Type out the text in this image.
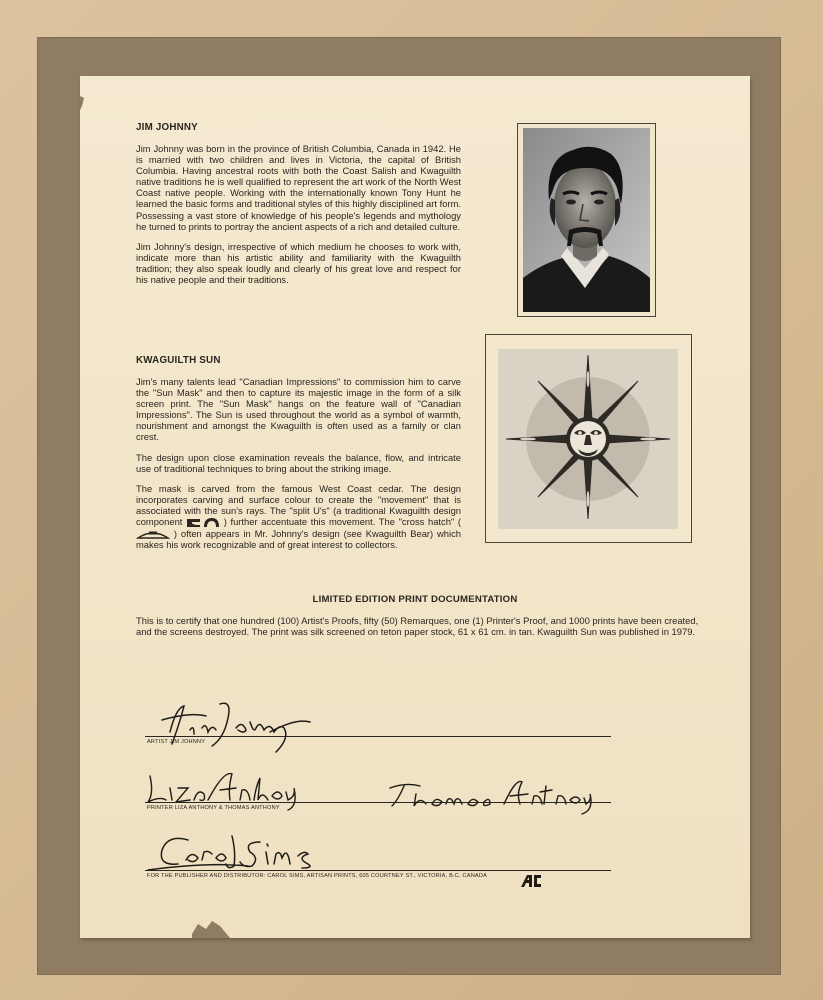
JIM JOHNNY

Jim Johnny was born in the province of British Columbia, Canada in 1942. He is married with two children and lives in Victoria, the capital of British Columbia. Having ancestral roots with both the Coast Salish and Kwaguilth native traditions he is well qualified to represent the art work of the North West Coast native people. Working with the internationally known Tony Hunt he learned the basic forms and traditional styles of this highly disciplined art form. Possessing a vast store of knowledge of his people's legends and mythology he turned to prints to portray the ancient aspects of a rich and detailed culture.

Jim Johnny's design, irrespective of which medium he chooses to work with, indicate more than his artistic ability and familiarity with the Kwaguilth tradition; they also speak loudly and clearly of his great love and respect for his native people and their traditions.

KWAGUILTH SUN

Jim's many talents lead "Canadian Impressions" to commission him to carve the "Sun Mask" and then to capture its majestic image in the form of a silk screen print. The "Sun Mask" hangs on the feature wall of "Canadian Impressions". The Sun is used throughout the world as a symbol of warmth, nourishment and amongst the Kwaguilth is often used as a family or clan crest.

The design upon close examination reveals the balance, flow, and intricate use of traditional techniques to bring about the striking image.

The mask is carved from the famous West Coast cedar. The design incorporates carving and surface colour to create the "movement" that is associated with the sun's rays. The "split U's" (a traditional Kwaguilth design component	) further accentuate this movement. The "cross hatch" (  ) often appears in Mr. Johnny's design (see Kwaguilth Bear) which makes his work recognizable and of great interest to collectors.

LIMITED EDITION PRINT DOCUMENTATION
This is to certify that one hundred (100) Artist's Proofs, fifty (50) Remarques, one (1) Printer's Proof, and 1000 prints have been created, and the screens destroyed. The print was silk screened on teton paper stock, 61 x 61 cm. in tan. Kwaguilth Sun was published in 1979.
ARTIST JIM JOHNNY
PRINTER LIZA ANTHONY & THOMAS ANTHONY
FOR THE PUBLISHER AND DISTRIBUTOR: CAROL SIMS, ARTISAN PRINTS, 605 COURTNEY ST., VICTORIA, B.C. CANADA
